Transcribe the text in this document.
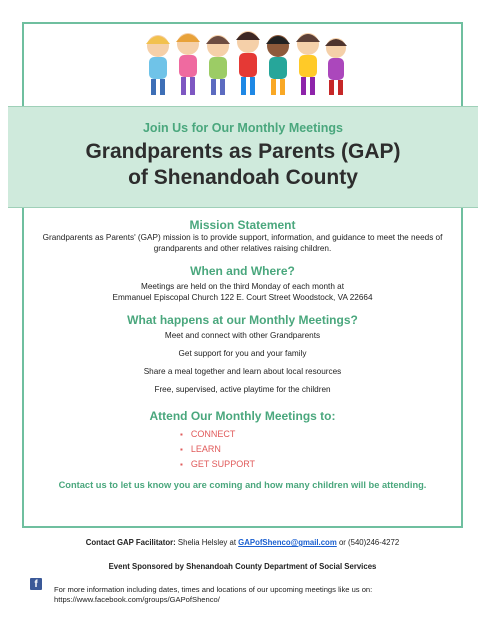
Join Us for Our Monthly Meetings
Grandparents as Parents (GAP)
of Shenandoah County
Mission Statement

Grandparents as Parents' (GAP) mission is to provide support, information, and guidance to meet the needs of grandparents and other relatives raising children.

When and Where?

Meetings are held on the third Monday of each month at

Emmanuel Episcopal Church 122 E. Court Street Woodstock, VA 22664

What happens at our Monthly Meetings?
Meet and connect with other Grandparents
Get support for you and your family
Share a meal together and learn about local resources
Free, supervised, active playtime for the children
Attend Our Monthly Meetings to:
▪ CONNECT
▪ LEARN
▪ GET SUPPORT
Contact us to let us know you are coming and how many children will be attending.
Contact GAP Facilitator: Shelia Helsley at GAPofShenco@gmail.com or (540)246-4272
Event Sponsored by Shenandoah County Department of Social Services
f	For more information including dates, times and locations of our upcoming meetings like us on:
https://www.facebook.com/groups/GAPofShenco/
